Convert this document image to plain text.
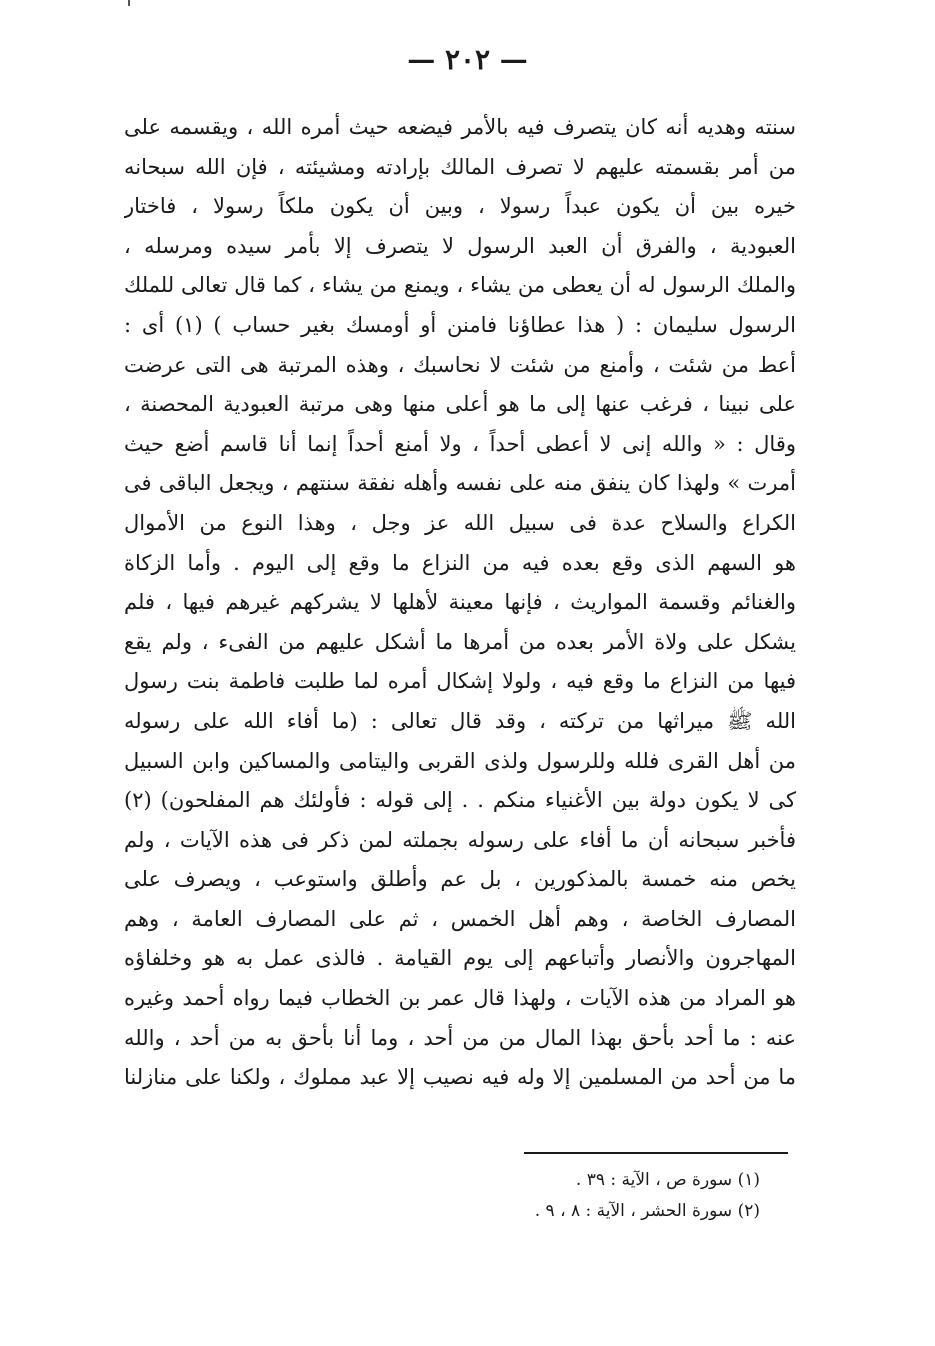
— ٢٠٢ —
سنته وهديه أنه كان يتصرف فيه بالأمر فيضعه حيث أمره الله ، ويقسمه على
من أمر بقسمته عليهم لا تصرف المالك بإرادته ومشيئته ، فإن الله سبحانه
خيره بين أن يكون عبداً رسولا ، وبين أن يكون ملكاً رسولا ، فاختار
العبودية ، والفرق أن العبد الرسول لا يتصرف إلا بأمر سيده ومرسله ،
والملك الرسول له أن يعطى من يشاء ، ويمنع من يشاء ، كما قال تعالى للملك
الرسول سليمان : ( هذا عطاؤنا فامنن أو أومسك بغير حساب ) (١) أى :
أعط من شئت ، وأمنع من شئت لا نحاسبك ، وهذه المرتبة هى التى عرضت
على نبينا ، فرغب عنها إلى ما هو أعلى منها وهى مرتبة العبودية المحصنة ،
وقال : « والله إنى لا أعطى أحداً ، ولا أمنع أحداً إنما أنا قاسم أضع حيث
أمرت » ولهذا كان ينفق منه على نفسه وأهله نفقة سنتهم ، ويجعل الباقى فى
الكراع والسلاح عدة فى سبيل الله عز وجل ، وهذا النوع من الأموال
هو السهم الذى وقع بعده فيه من النزاع ما وقع إلى اليوم . وأما الزكاة
والغنائم وقسمة المواريث ، فإنها معينة لأهلها لا يشركهم غيرهم فيها ، فلم
يشكل على ولاة الأمر بعده من أمرها ما أشكل عليهم من الفىء ، ولم يقع
فيها من النزاع ما وقع فيه ، ولولا إشكال أمره لما طلبت فاطمة بنت رسول
الله ﷺ ميراثها من تركته ، وقد قال تعالى : (ما أفاء الله على رسوله
من أهل القرى فلله وللرسول ولذى القربى واليتامى والمساكين وابن السبيل
كى لا يكون دولة بين الأغنياء منكم . . إلى قوله : فأولئك هم المفلحون) (٢)
فأخبر سبحانه أن ما أفاء على رسوله بجملته لمن ذكر فى هذه الآيات ، ولم
يخص منه خمسة بالمذكورين ، بل عم وأطلق واستوعب ، ويصرف على
المصارف الخاصة ، وهم أهل الخمس ، ثم على المصارف العامة ، وهم
المهاجرون والأنصار وأتباعهم إلى يوم القيامة . فالذى عمل به هو وخلفاؤه
هو المراد من هذه الآيات ، ولهذا قال عمر بن الخطاب فيما رواه أحمد وغيره
عنه : ما أحد بأحق بهذا المال من من أحد ، وما أنا بأحق به من أحد ، والله
ما من أحد من المسلمين إلا وله فيه نصيب إلا عبد مملوك ، ولكنا على منازلنا
(١) سورة ص ، الآية : ٣٩ .
(٢) سورة الحشر ، الآية : ٨ ، ٩ .
